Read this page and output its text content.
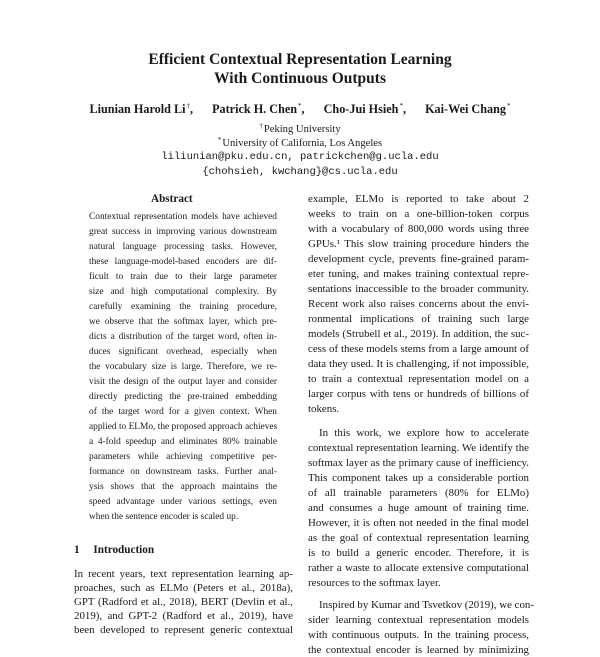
Efficient Contextual Representation Learning
With Continuous Outputs
Liunian Harold Li†, Patrick H. Chen*, Cho-Jui Hsieh*, Kai-Wei Chang*
†Peking University
*University of California, Los Angeles
liliunian@pku.edu.cn, patrickchen@g.ucla.edu
{chohsieh, kwchang}@cs.ucla.edu
Abstract
Contextual representation models have achieved
great success in improving various downstream
natural language processing tasks. However,
these language-model-based encoders are dif-
ficult to train due to their large parameter
size and high computational complexity. By
carefully examining the training procedure,
we observe that the softmax layer, which pre-
dicts a distribution of the target word, often in-
duces significant overhead, especially when
the vocabulary size is large. Therefore, we re-
visit the design of the output layer and consider
directly predicting the pre-trained embedding
of the target word for a given context. When
applied to ELMo, the proposed approach achieves
a 4-fold speedup and eliminates 80% trainable
parameters while achieving competitive per-
formance on downstream tasks. Further anal-
ysis shows that the approach maintains the
speed advantage under various settings, even
when the sentence encoder is scaled up.
1 Introduction
In recent years, text representation learning ap-
proaches, such as ELMo (Peters et al., 2018a),
GPT (Radford et al., 2018), BERT (Devlin et al.,
2019), and GPT-2 (Radford et al., 2019), have
been developed to represent generic contextual
example, ELMo is reported to take about 2
weeks to train on a one-billion-token corpus
with a vocabulary of 800,000 words using three
GPUs.¹ This slow training procedure hinders the
development cycle, prevents fine-grained param-
eter tuning, and makes training contextual repre-
sentations inaccessible to the broader community.
Recent work also raises concerns about the envi-
ronmental implications of training such large
models (Strubell et al., 2019). In addition, the suc-
cess of these models stems from a large amount of
data they used. It is challenging, if not impossible,
to train a contextual representation model on a
larger corpus with tens or hundreds of billions of
tokens.
In this work, we explore how to accelerate
contextual representation learning. We identify the
softmax layer as the primary cause of inefficiency.
This component takes up a considerable portion
of all trainable parameters (80% for ELMo)
and consumes a huge amount of training time.
However, it is often not needed in the final model
as the goal of contextual representation learning
is to build a generic encoder. Therefore, it is
rather a waste to allocate extensive computational
resources to the softmax layer.
Inspired by Kumar and Tsvetkov (2019), we con-
sider learning contextual representation models
with continuous outputs. In the training process,
the contextual encoder is learned by minimizing
